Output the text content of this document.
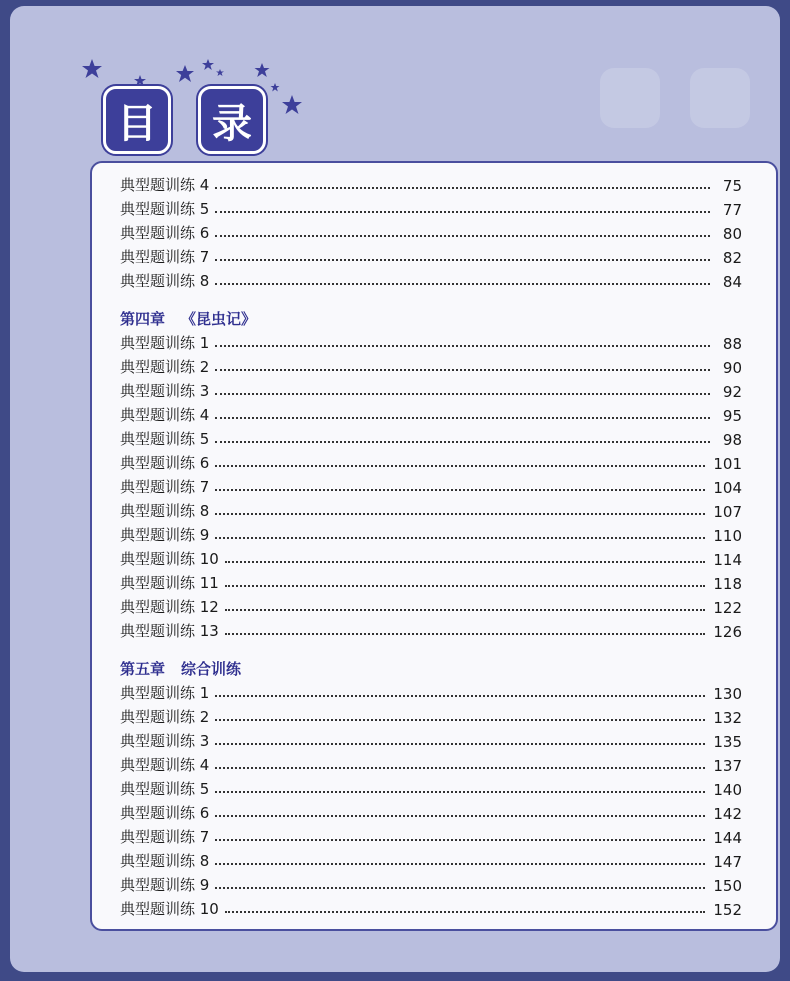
目	录
典型题训练 4	75
典型题训练 5	77
典型题训练 6	80
典型题训练 7	82
典型题训练 8	84
第四章 《昆虫记》
典型题训练 1	88
典型题训练 2	90
典型题训练 3	92
典型题训练 4	95
典型题训练 5	98
典型题训练 6	101
典型题训练 7	104
典型题训练 8	107
典型题训练 9	110
典型题训练 10	114
典型题训练 11	118
典型题训练 12	122
典型题训练 13	126
第五章 综合训练
典型题训练 1	130
典型题训练 2	132
典型题训练 3	135
典型题训练 4	137
典型题训练 5	140
典型题训练 6	142
典型题训练 7	144
典型题训练 8	147
典型题训练 9	150
典型题训练 10	152
